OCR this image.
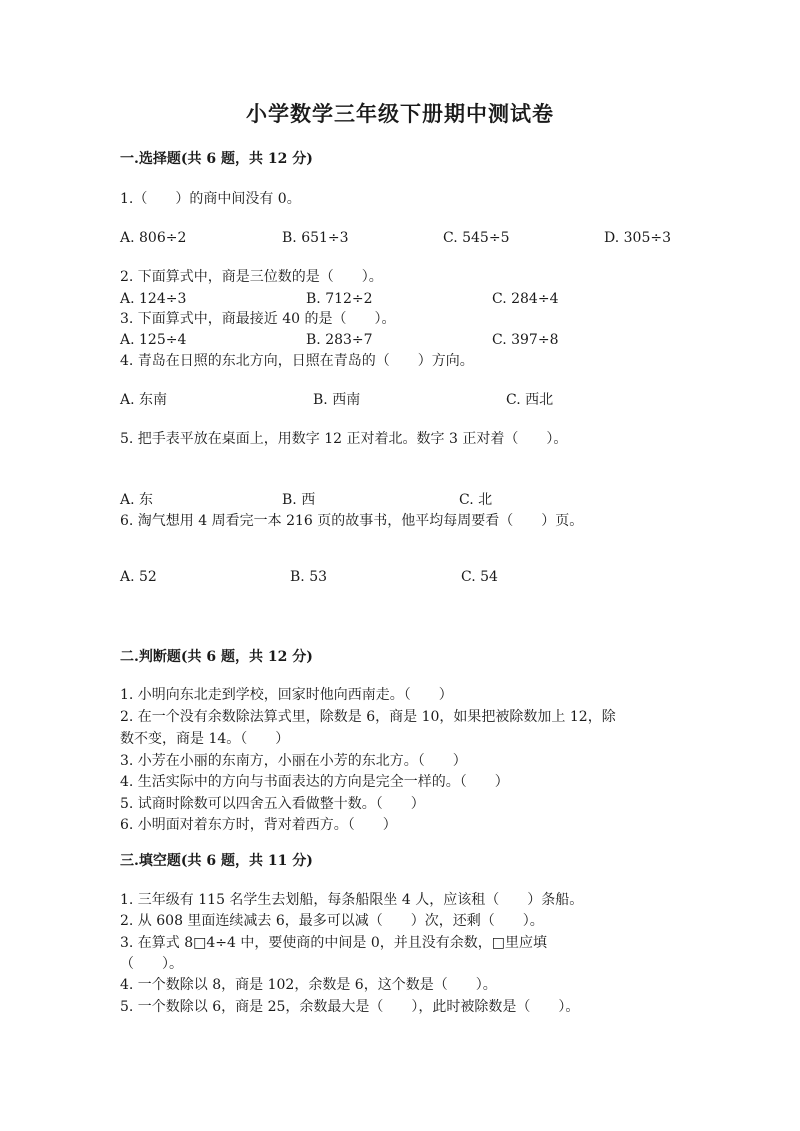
小学数学三年级下册期中测试卷
一.选择题(共 6 题，共 12 分)
1.（　　）的商中间没有 0。
A. 806÷2	B. 651÷3	C. 545÷5	D. 305÷3
2. 下面算式中，商是三位数的是（　　）。
A. 124÷3	B. 712÷2	C. 284÷4
3. 下面算式中，商最接近 40 的是（　　）。
A. 125÷4	B. 283÷7	C. 397÷8
4. 青岛在日照的东北方向，日照在青岛的（　　）方向。
A. 东南	B. 西南	C. 西北
5. 把手表平放在桌面上，用数字 12 正对着北。数字 3 正对着（　　）。
A. 东	B. 西	C. 北
6. 淘气想用 4 周看完一本 216 页的故事书，他平均每周要看（　　）页。
A. 52	B. 53	C. 54
二.判断题(共 6 题，共 12 分)
1. 小明向东北走到学校，回家时他向西南走。（　　）
2. 在一个没有余数除法算式里，除数是 6，商是 10，如果把被除数加上 12，除
数不变，商是 14。（　　）
3. 小芳在小丽的东南方，小丽在小芳的东北方。（　　）
4. 生活实际中的方向与书面表达的方向是完全一样的。（　　）
5. 试商时除数可以四舍五入看做整十数。（　　）
6. 小明面对着东方时，背对着西方。（　　）
三.填空题(共 6 题，共 11 分)
1. 三年级有 115 名学生去划船，每条船限坐 4 人，应该租（　　）条船。
2. 从 608 里面连续减去 6，最多可以减（　　）次，还剩（　　）。
3. 在算式 8□4÷4 中，要使商的中间是 0，并且没有余数，□里应填
（　　）。
4. 一个数除以 8，商是 102，余数是 6，这个数是（　　）。
5. 一个数除以 6，商是 25，余数最大是（　　），此时被除数是（　　）。
